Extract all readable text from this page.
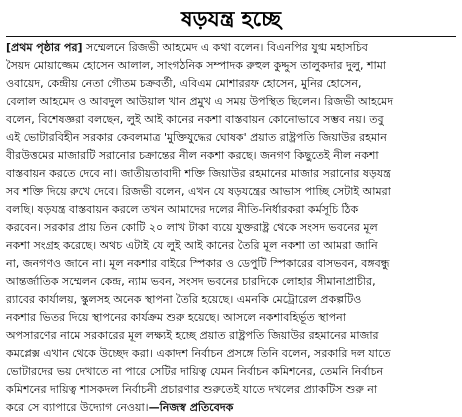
ষড়যন্ত্র হচ্ছে
[প্রথম পৃষ্ঠার পর] সম্মেলনে রিজভী আহমেদ এ কথা বলেন। বিএনপির যুগ্ম মহাসচিব
সৈয়দ মোয়াজ্জেম হোসেন আলাল, সাংগঠনিক সম্পাদক রুহুল কুদ্দুস তালুকদার দুলু, শামা
ওবায়েদ, কেন্দ্রীয় নেতা গৌতম চক্রবর্তী, এবিএম মোশাররফ হোসেন, মুনির হোসেন,
বেলাল আহমেদ ও আবদুল আউয়াল খান প্রমুখ এ সময় উপস্থিত ছিলেন। রিজভী আহমেদ
বলেন, বিশেষজ্ঞরা বলছেন, লুই আই কানের নকশা বাস্তবায়ন কোনোভাবে সম্ভব নয়। তবু
এই ভোটারবিহীন সরকার কেবলমাত্র 'মুক্তিযুদ্ধের ঘোষক' প্রয়াত রাষ্ট্রপতি জিয়াউর রহমান
বীরউত্তমের মাজারটি সরানোর চক্রান্তের নীল নকশা করছে। জনগণ কিছুতেই নীল নকশা
বাস্তবায়ন করতে দেবে না। জাতীয়তাবাদী শক্তি জিয়াউর রহমানের মাজার সরানোর ষড়যন্ত্র
সব শক্তি দিয়ে রুখে দেবে। রিজভী বলেন, এখন যে ষড়যন্ত্রের আভাস পাচ্ছি সেটাই আমরা
বলছি। ষড়যন্ত্র বাস্তবায়ন করলে তখন আমাদের দলের নীতি-নির্ধারকরা কর্মসূচি ঠিক
করবেন। সরকার প্রায় তিন কোটি ২০ লাখ টাকা ব্যয়ে যুক্তরাষ্ট্র থেকে সংসদ ভবনের মূল
নকশা সংগ্রহ করেছে। অথচ এটাই যে লুই আই কানের তৈরি মূল নকশা তা আমরা জানি
না, জনগণও জানে না। মূল নকশার বাইরে স্পিকার ও ডেপুটি স্পিকারের বাসভবন, বঙ্গবন্ধু
আন্তর্জাতিক সম্মেলন কেন্দ্র, ন্যাম ভবন, সংসদ ভবনের চারদিকে লোহার সীমানাপ্রাচীর,
র‍্যাবের কার্যালয়, স্কুলসহ অনেক স্থাপনা তৈরি হয়েছে। এমনকি মেট্রোরেল প্রকল্পটিও
নকশার ভিতর দিয়ে স্থাপনের কার্যক্রম শুরু হয়েছে। আসলে নকশাবহির্ভূত স্থাপনা
অপসারণের নামে সরকারের মূল লক্ষ্যই হচ্ছে প্রয়াত রাষ্ট্রপতি জিয়াউর রহমানের মাজার
কমপ্লেক্স এখান থেকে উচ্ছেদ করা। একাদশ নির্বাচন প্রসঙ্গে তিনি বলেন, সরকারি দল যাতে
ভোটারদের ভয় দেখাতে না পারে সেটির দায়িত্ব যেমন নির্বাচন কমিশনের, তেমনি নির্বাচন
কমিশনের দায়িত্ব শাসকদল নির্বাচনী প্রচারণার শুরুতেই যাতে দখলের প্র্যাকটিস শুরু না
করে সে ব্যাপারে উদ্যোগ নেওয়া।—নিজস্ব প্রতিবেদক
